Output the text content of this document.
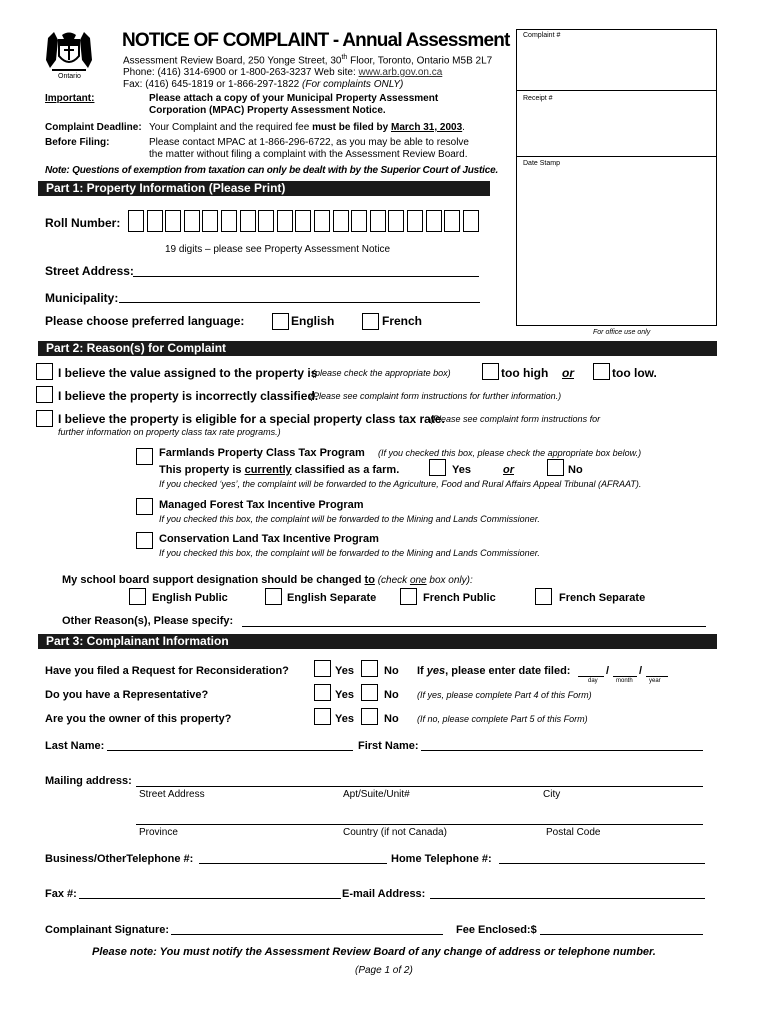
Ontario
NOTICE OF COMPLAINT - Annual Assessment
Assessment Review Board, 250 Yonge Street, 30th Floor, Toronto, Ontario M5B 2L7
Phone: (416) 314-6900 or 1-800-263-3237 Web site: www.arb.gov.on.ca
Fax: (416) 645-1819 or 1-866-297-1822 (For complaints ONLY)
Important:	Please attach a copy of your Municipal Property Assessment Corporation (MPAC) Property Assessment Notice.
Complaint Deadline: Your Complaint and the required fee must be filed by March 31, 2003.
Before Filing:	Please contact MPAC at 1-866-296-6722, as you may be able to resolve the matter without filing a complaint with the Assessment Review Board.
Note: Questions of exemption from taxation can only be dealt with by the Superior Court of Justice.
Complaint #
Receipt #
Date Stamp
For office use only
Part 1: Property Information (Please Print)
Roll Number:
19 digits – please see Property Assessment Notice
Street Address:
Municipality:
Please choose preferred language:	English	French
Part 2: Reason(s) for Complaint
I believe the value assigned to the property is
(please check the appropriate box)	too high or	too low.
I believe the property is incorrectly classified.
(Please see complaint form instructions for further information.)
I believe the property is eligible for a special property class tax rate.
(Please see complaint form instructions for
further information on property class tax rate programs.)
Farmlands Property Class Tax Program (If you checked this box, please check the appropriate box below.)
This property is currently classified as a farm.	Yes	or	No
If you checked ‘yes’, the complaint will be forwarded to the Agriculture, Food and Rural Affairs Appeal Tribunal (AFRAAT).
Managed Forest Tax Incentive Program
If you checked this box, the complaint will be forwarded to the Mining and Lands Commissioner.
Conservation Land Tax Incentive Program
If you checked this box, the complaint will be forwarded to the Mining and Lands Commissioner.
My school board support designation should be changed to (check one box only):
English Public	English Separate	French Public	French Separate
Other Reason(s), Please specify:
Part 3: Complainant Information
Have you filed a Request for Reconsideration?	Yes	No If yes, please enter date filed:	/	/
day	month	year
Do you have a Representative?	Yes	No (If yes, please complete Part 4 of this Form)
Are you the owner of this property?	Yes	No (If no, please complete Part 5 of this Form)
Last Name:	First Name:
Mailing address:
Street Address	Apt/Suite/Unit#	City
Province	Country (if not Canada)	Postal Code
Business/OtherTelephone #:	Home Telephone #:
Fax #:	E-mail Address:
Complainant Signature:	Fee Enclosed:$
Please note: You must notify the Assessment Review Board of any change of address or telephone number.
(Page 1 of 2)
